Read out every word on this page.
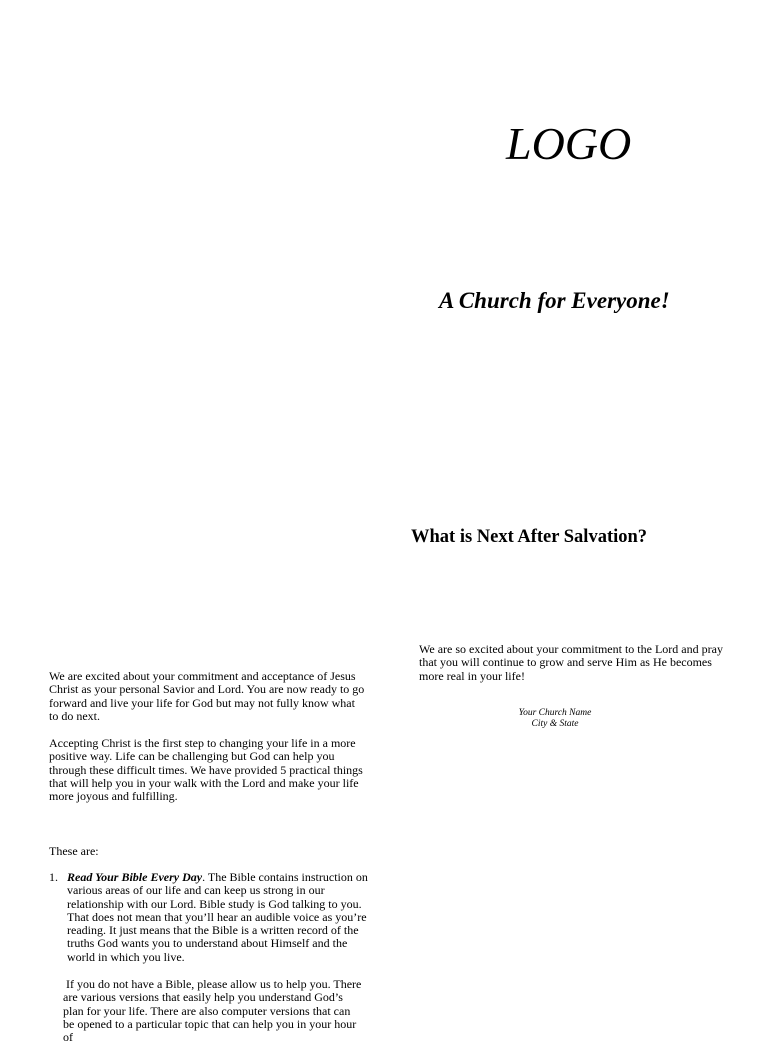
LOGO
A Church for Everyone!
What is Next After Salvation?
We are so excited about your commitment to the Lord and pray that you will continue to grow and serve Him as He becomes more real in your life!
Your Church Name
City & State
We are excited about your commitment and acceptance of Jesus Christ as your personal Savior and Lord. You are now ready to go forward and live your life for God but may not fully know what to do next.
Accepting Christ is the first step to changing your life in a more positive way. Life can be challenging but God can help you through these difficult times. We have provided 5 practical things that will help you in your walk with the Lord and make your life more joyous and fulfilling.
These are:
1. Read Your Bible Every Day. The Bible contains instruction on various areas of our life and can keep us strong in our relationship with our Lord. Bible study is God talking to you. That does not mean that you’ll hear an audible voice as you’re reading. It just means that the Bible is a written record of the truths God wants you to understand about Himself and the world in which you live.
If you do not have a Bible, please allow us to help you. There are various versions that easily help you understand God’s plan for your life. There are also computer versions that can be opened to a particular topic that can help you in your hour of
